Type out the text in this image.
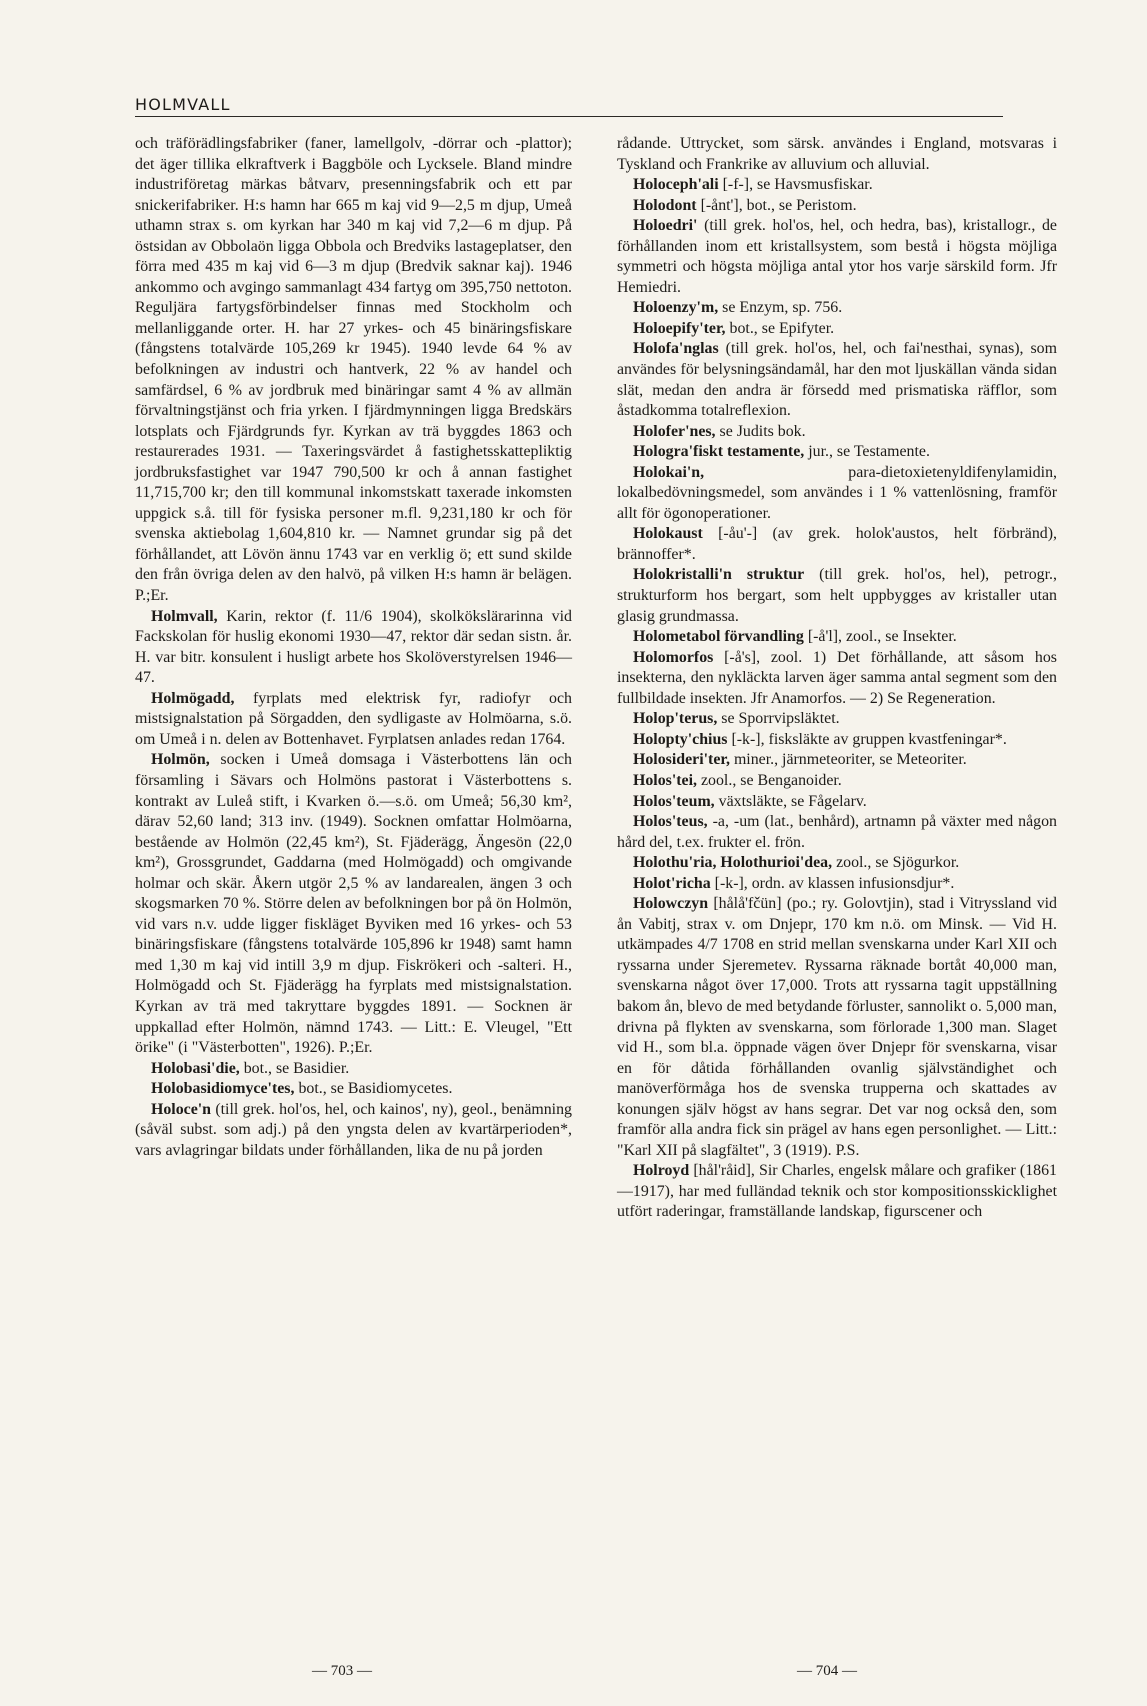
HOLMVALL

och träförädlingsfabriker (faner, lamellgolv, -dörrar och -plattor); det äger tillika elkraftverk i Baggböle och Lycksele. Bland mindre industriföretag märkas båtvarv, presenningsfabrik och ett par snickerifabriker. H:s hamn har 665 m kaj vid 9—2,5 m djup, Umeå uthamn strax s. om kyrkan har 340 m kaj vid 7,2—6 m djup. På östsidan av Obbolaön ligga Obbola och Bredviks lastageplatser, den förra med 435 m kaj vid 6—3 m djup (Bredvik saknar kaj). 1946 ankommo och avgingo sammanlagt 434 fartyg om 395,750 nettoton. Reguljära fartygsförbindelser finnas med Stockholm och mellanliggande orter. H. har 27 yrkes- och 45 binäringsfiskare (fångstens totalvärde 105,269 kr 1945). 1940 levde 64 % av befolkningen av industri och hantverk, 22 % av handel och samfärdsel, 6 % av jordbruk med binäringar samt 4 % av allmän förvaltningstjänst och fria yrken. I fjärdmynningen ligga Bredskärs lotsplats och Fjärdgrunds fyr. Kyrkan av trä byggdes 1863 och restaurerades 1931. — Taxeringsvärdet å fastighetsskattepliktig jordbruksfastighet var 1947 790,500 kr och å annan fastighet 11,715,700 kr; den till kommunal inkomstskatt taxerade inkomsten uppgick s.å. till för fysiska personer m.fl. 9,231,180 kr och för svenska aktiebolag 1,604,810 kr. — Namnet grundar sig på det förhållandet, att Lövön ännu 1743 var en verklig ö; ett sund skilde den från övriga delen av den halvö, på vilken H:s hamn är belägen. P.;Er.

Holmvall, Karin, rektor (f. 11/6 1904), skolkökslärarinna vid Fackskolan för huslig ekonomi 1930—47, rektor där sedan sistn. år. H. var bitr. konsulent i husligt arbete hos Skolöverstyrelsen 1946—47.

Holmögadd, fyrplats med elektrisk fyr, radiofyr och mistsignalstation på Sörgadden, den sydligaste av Holmöarna, s.ö. om Umeå i n. delen av Bottenhavet. Fyrplatsen anlades redan 1764.

Holmön, socken i Umeå domsaga i Västerbottens län och församling i Sävars och Holmöns pastorat i Västerbottens s. kontrakt av Luleå stift, i Kvarken ö.—s.ö. om Umeå; 56,30 km², därav 52,60 land; 313 inv. (1949). Socknen omfattar Holmöarna, bestående av Holmön (22,45 km²), St. Fjäderägg, Ängesön (22,0 km²), Grossgrundet, Gaddarna (med Holmögadd) och omgivande holmar och skär. Åkern utgör 2,5 % av landarealen, ängen 3 och skogsmarken 70 %. Större delen av befolkningen bor på ön Holmön, vid vars n.v. udde ligger fiskläget Byviken med 16 yrkes- och 53 binäringsfiskare (fångstens totalvärde 105,896 kr 1948) samt hamn med 1,30 m kaj vid intill 3,9 m djup. Fiskrökeri och -salteri. H., Holmögadd och St. Fjäderägg ha fyrplats med mistsignalstation. Kyrkan av trä med takryttare byggdes 1891. — Socknen är uppkallad efter Holmön, nämnd 1743. — Litt.: E. Vleugel, "Ett örike" (i "Västerbotten", 1926). P.;Er.

Holobasi'die, bot., se Basidier.

Holobasidiomyce'tes, bot., se Basidiomycetes.

Holoce'n (till grek. hol'os, hel, och kainos', ny), geol., benämning (såväl subst. som adj.) på den yngsta delen av kvartärperioden*, vars avlagringar bildats under förhållanden, lika de nu på jorden

rådande. Uttrycket, som särsk. användes i England, motsvaras i Tyskland och Frankrike av alluvium och alluvial.

Holoceph'ali [-f-], se Havsmusfiskar.

Holodont [-ånt'], bot., se Peristom.

Holoedri' (till grek. hol'os, hel, och hedra, bas), kristallogr., de förhållanden inom ett kristallsystem, som bestå i högsta möjliga symmetri och högsta möjliga antal ytor hos varje särskild form. Jfr Hemiedri.

Holoenzy'm, se Enzym, sp. 756.

Holoepify'ter, bot., se Epifyter.

Holofa'nglas (till grek. hol'os, hel, och fai'nesthai, synas), som användes för belysningsändamål, har den mot ljuskällan vända sidan slät, medan den andra är försedd med prismatiska räfflor, som åstadkomma totalreflexion.

Holofer'nes, se Judits bok.

Hologra'fiskt testamente, jur., se Testamente.

Holokai'n,	para-dietoxietenyldifenylamidin, lokalbedövningsmedel, som användes i 1 % vattenlösning, framför allt för ögonoperationer.

Holokaust [-åu'-] (av grek. holok'austos, helt förbränd), brännoffer*.

Holokristalli'n struktur (till grek. hol'os, hel), petrogr., strukturform hos bergart, som helt uppbygges av kristaller utan glasig grundmassa.

Holometabol förvandling [-å'l], zool., se Insekter.

Holomorfos [-å's], zool. 1) Det förhållande, att såsom hos insekterna, den nykläckta larven äger samma antal segment som den fullbildade insekten. Jfr Anamorfos. — 2) Se Regeneration.

Holop'terus, se Sporrvipsläktet.

Holopty'chius [-k-], fisksläkte av gruppen kvastfeningar*.

Holosideri'ter, miner., järnmeteoriter, se Meteoriter.

Holos'tei, zool., se Benganoider.

Holos'teum, växtsläkte, se Fågelarv.

Holos'teus, -a, -um (lat., benhård), artnamn på växter med någon hård del, t.ex. frukter el. frön.

Holothu'ria, Holothurioi'dea, zool., se Sjögurkor.

Holot'richa [-k-], ordn. av klassen infusionsdjur*.

Holowczyn [hålå'fčün] (po.; ry. Golovtjin), stad i Vitryssland vid ån Vabitj, strax v. om Dnjepr, 170 km n.ö. om Minsk. — Vid H. utkämpades 4/7 1708 en strid mellan svenskarna under Karl XII och ryssarna under Sjeremetev. Ryssarna räknade bortåt 40,000 man, svenskarna något över 17,000. Trots att ryssarna tagit uppställning bakom ån, blevo de med betydande förluster, sannolikt o. 5,000 man, drivna på flykten av svenskarna, som förlorade 1,300 man. Slaget vid H., som bl.a. öppnade vägen över Dnjepr för svenskarna, visar en för dåtida förhållanden ovanlig självständighet och manöverförmåga hos de svenska trupperna och skattades av konungen själv högst av hans segrar. Det var nog också den, som framför alla andra fick sin prägel av hans egen personlighet. — Litt.: "Karl XII på slagfältet", 3 (1919). P.S.

Holroyd [hål'råid], Sir Charles, engelsk målare och grafiker (1861—1917), har med fulländad teknik och stor kompositionsskicklighet utfört raderingar, framställande landskap, figurscener och

— 703 —	— 704 —
